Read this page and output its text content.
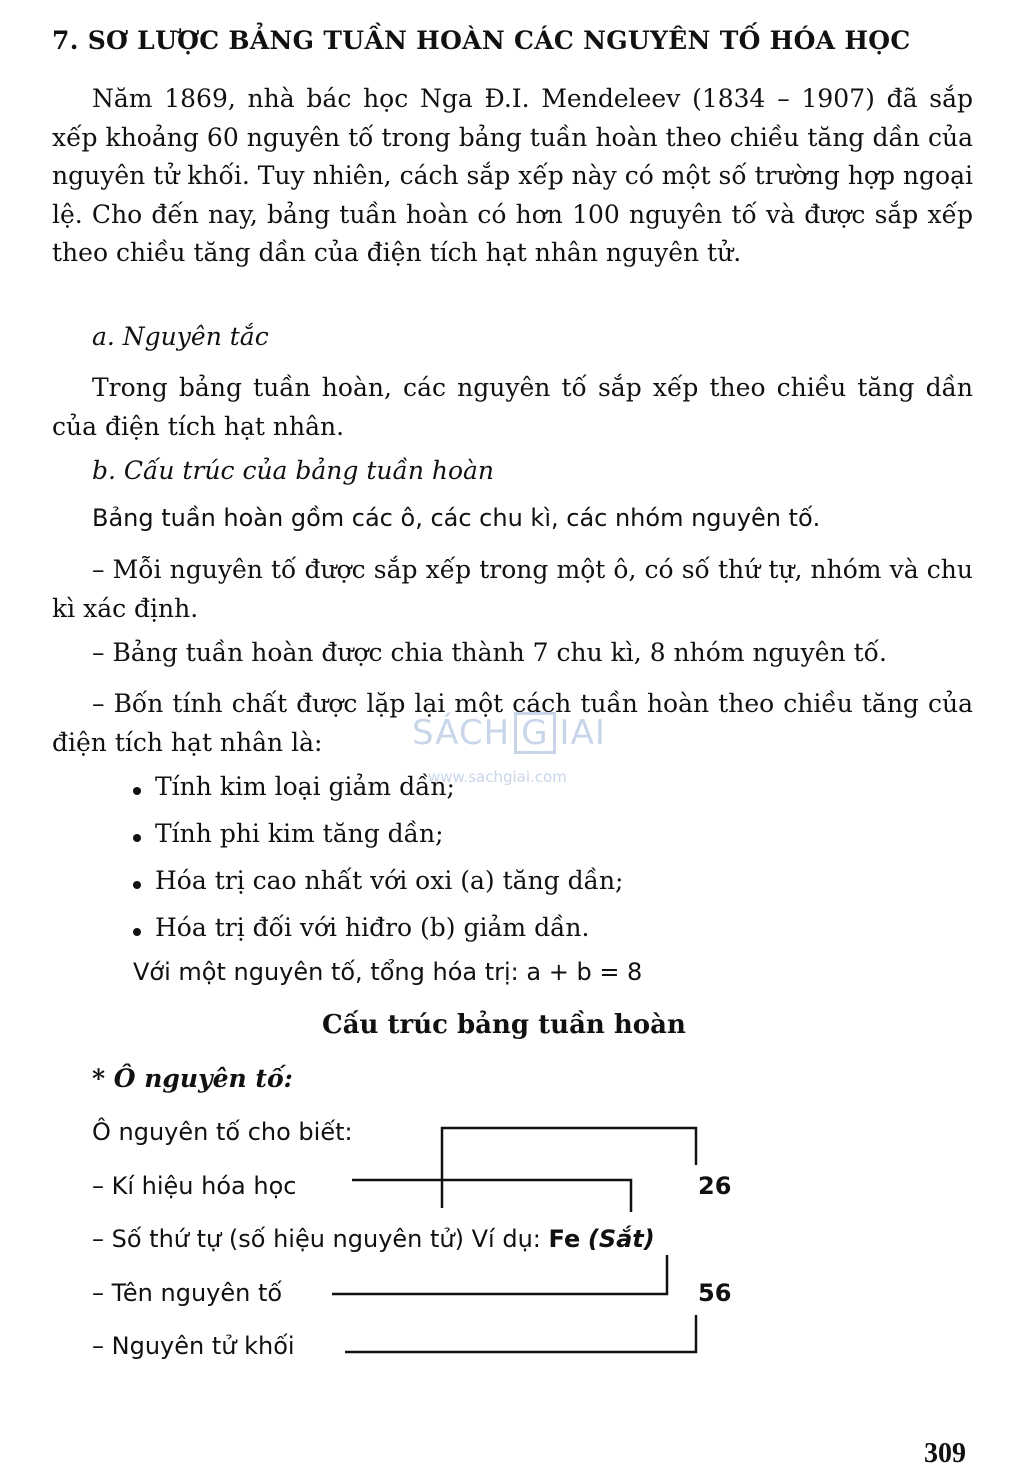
7. SƠ LƯỢC BẢNG TUẦN HOÀN CÁC NGUYÊN TỐ HÓA HỌC

Năm 1869, nhà bác học Nga Đ.I. Mendeleev (1834 – 1907) đã sắp xếp khoảng 60 nguyên tố trong bảng tuần hoàn theo chiều tăng dần của nguyên tử khối. Tuy nhiên, cách sắp xếp này có một số trường hợp ngoại lệ. Cho đến nay, bảng tuần hoàn có hơn 100 nguyên tố và được sắp xếp theo chiều tăng dần của điện tích hạt nhân nguyên tử.

a. Nguyên tắc

Trong bảng tuần hoàn, các nguyên tố sắp xếp theo chiều tăng dần của điện tích hạt nhân.

b. Cấu trúc của bảng tuần hoàn
Bảng tuần hoàn gồm các ô, các chu kì, các nhóm nguyên tố.

– Mỗi nguyên tố được sắp xếp trong một ô, có số thứ tự, nhóm và chu kì xác định.

– Bảng tuần hoàn được chia thành 7 chu kì, 8 nhóm nguyên tố.

– Bốn tính chất được lặp lại một cách tuần hoàn theo chiều tăng của điện tích hạt nhân là:	SÁCH G IAI
www.sachgiai.com
Tính kim loại giảm dần;
Tính phi kim tăng dần;
Hóa trị cao nhất với oxi (a) tăng dần;
Hóa trị đối với hiđro (b) giảm dần.
Với một nguyên tố, tổng hóa trị: a + b = 8
Cấu trúc bảng tuần hoàn
* Ô nguyên tố:
Ô nguyên tố cho biết:
– Kí hiệu hóa học
– Số thứ tự (số hiệu nguyên tử) Ví dụ: Fe (Sắt)
– Tên nguyên tố
– Nguyên tử khối
26
56
309
